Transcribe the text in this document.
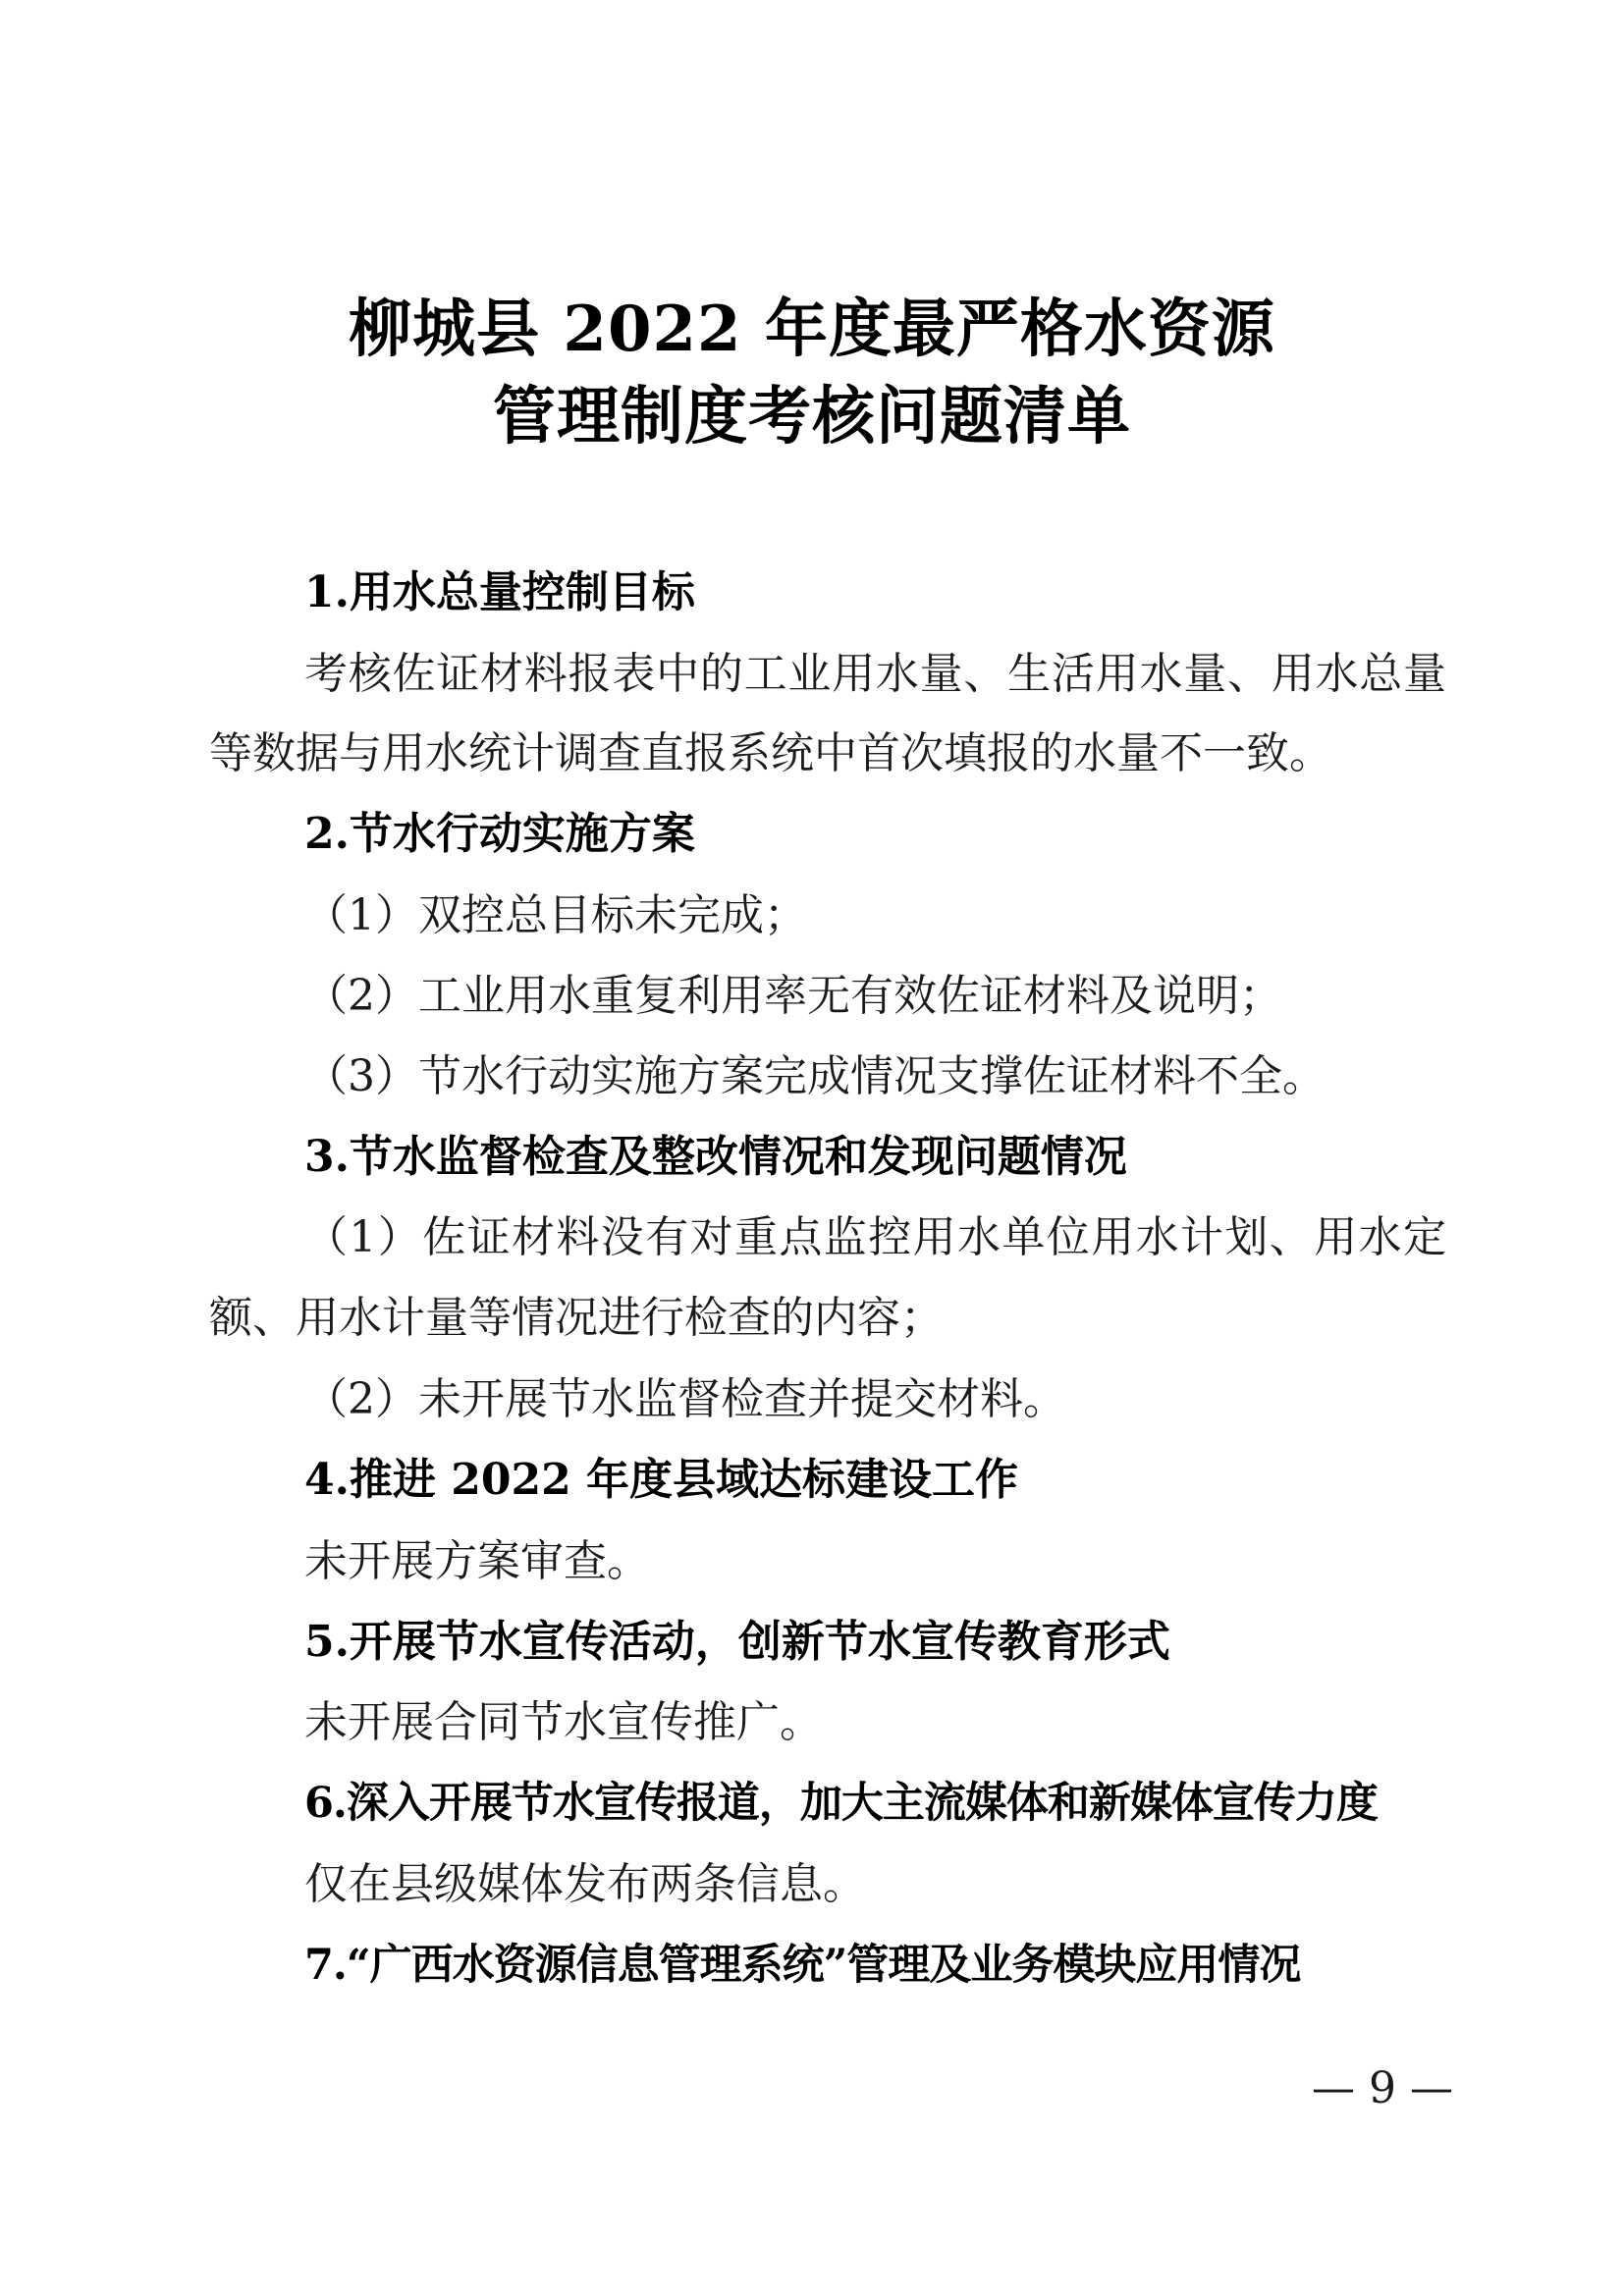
柳城县 2022 年度最严格水资源
管理制度考核问题清单
1.用水总量控制目标
考核佐证材料报表中的工业用水量、生活用水量、用水总量
等数据与用水统计调查直报系统中首次填报的水量不一致。
2.节水行动实施方案
（1）双控总目标未完成；
（2）工业用水重复利用率无有效佐证材料及说明；
（3）节水行动实施方案完成情况支撑佐证材料不全。
3.节水监督检查及整改情况和发现问题情况
（1）佐证材料没有对重点监控用水单位用水计划、用水定
额、用水计量等情况进行检查的内容；
（2）未开展节水监督检查并提交材料。
4.推进 2022 年度县域达标建设工作
未开展方案审查。
5.开展节水宣传活动，创新节水宣传教育形式
未开展合同节水宣传推广。
6.深入开展节水宣传报道，加大主流媒体和新媒体宣传力度
仅在县级媒体发布两条信息。
7.“广西水资源信息管理系统”管理及业务模块应用情况
— 9 —
